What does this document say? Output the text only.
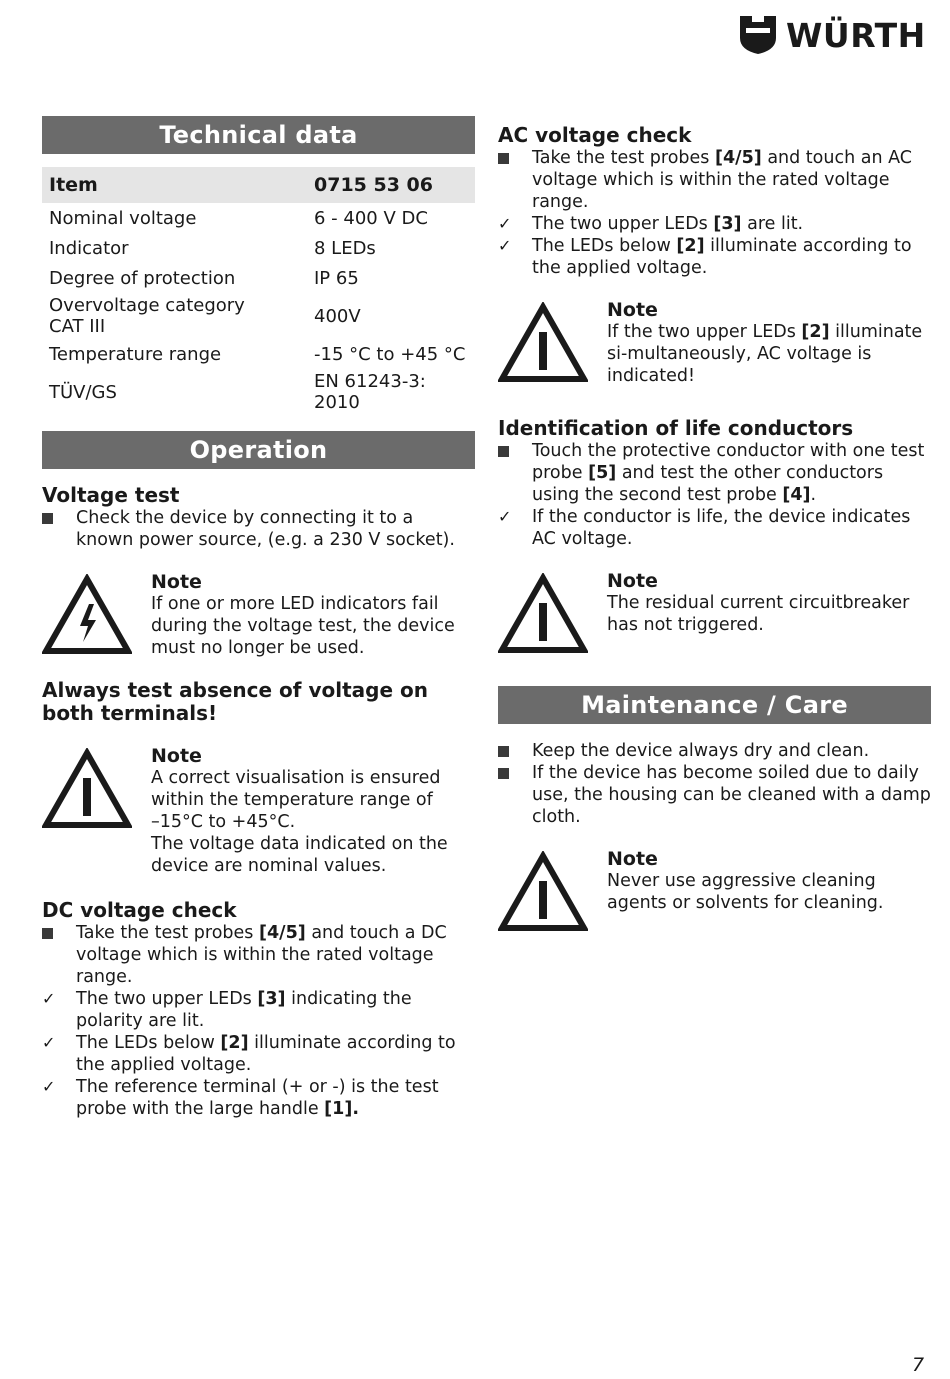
WÜRTH
Technical data
Item	0715 53 06
Nominal voltage	6 - 400 V DC
Indicator	8 LEDs
Degree of protection	IP 65
Overvoltage category CAT III	400V
Temperature range	-15 °C to +45 °C
TÜV/GS	EN 61243-3: 2010
Operation
Voltage test
Check the device by connecting it to a known power source, (e.g. a 230 V socket).
Note
If one or more LED indicators fail during the voltage test, the device must no longer be used.
Always test absence of voltage on both terminals!
Note
A correct visualisation is ensured within the temperature range of
–15°C to +45°C.
The voltage data indicated on the device are nominal values.
DC voltage check
Take the test probes [4/5] and touch a DC voltage which is within the rated voltage range.
✓	The two upper LEDs [3] indicating the polarity are lit.
✓	The LEDs below [2] illuminate according to the applied voltage.
✓	The reference terminal (+ or -) is the test probe with the large handle [1].
AC voltage check
Take the test probes [4/5] and touch an AC voltage which is within the rated voltage range.
✓	The two upper LEDs [3] are lit.
✓	The LEDs below [2] illuminate according to the applied voltage.
Note
If the two upper LEDs [2] illuminate si-multaneously, AC voltage is indicated!
Identification of life conductors
Touch the protective conductor with one test probe [5] and test the other conductors using the second test probe [4].
✓	If the conductor is life, the device indicates AC voltage.
Note
The residual current circuitbreaker has not triggered.
Maintenance / Care
Keep the device always dry and clean.
If the device has become soiled due to daily use, the housing can be cleaned with a damp cloth.
Note
Never use aggressive cleaning agents or solvents for cleaning.
7
